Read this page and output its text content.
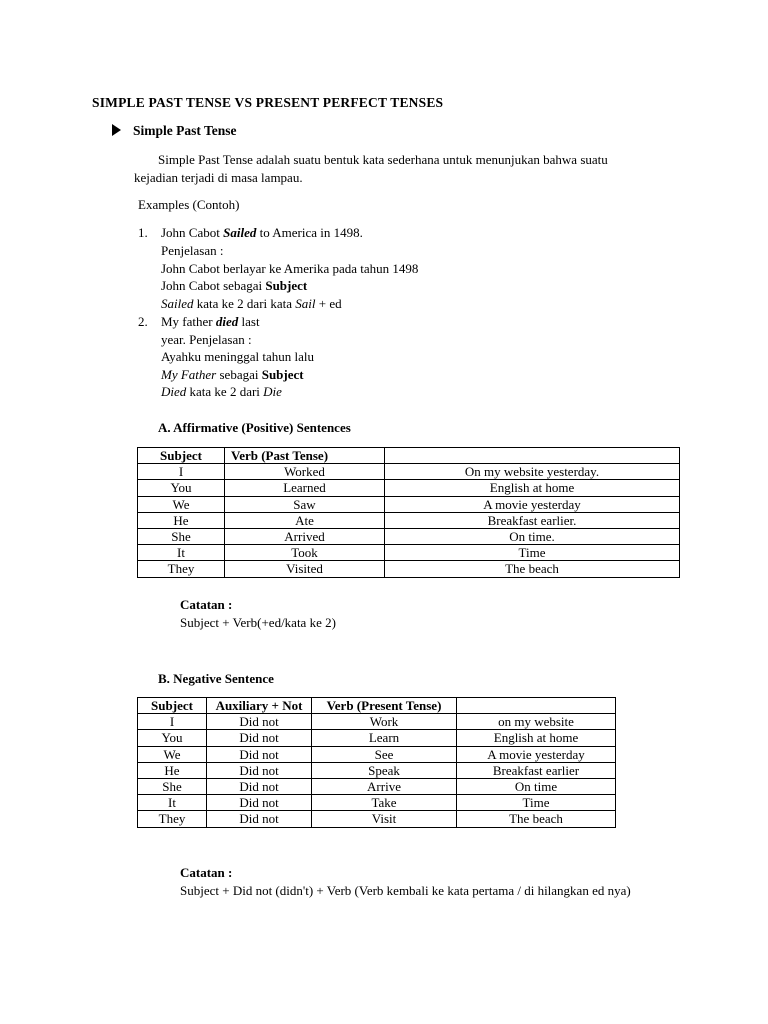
SIMPLE PAST TENSE VS PRESENT PERFECT TENSES
Simple Past Tense
Simple Past Tense adalah suatu bentuk kata sederhana untuk menunjukan bahwa suatu
kejadian terjadi di masa lampau.
Examples (Contoh)
1. John Cabot Sailed to America in 1498.
Penjelasan :
John Cabot berlayar ke Amerika pada tahun 1498
John Cabot sebagai Subject
Sailed kata ke 2 dari kata Sail + ed
2. My father died last
year. Penjelasan :
Ayahku meninggal tahun lalu
My Father sebagai Subject
Died kata ke 2 dari Die
A. Affirmative (Positive) Sentences
Subject	Verb (Past Tense)	
I	Worked	On my website yesterday.
You	Learned	English at home
We	Saw	A movie yesterday
He	Ate	Breakfast earlier.
She	Arrived	On time.
It	Took	Time
They	Visited	The beach
Catatan :
Subject + Verb(+ed/kata ke 2)
B. Negative Sentence
Subject	Auxiliary + Not	Verb (Present Tense)	
I	Did not	Work	on my website
You	Did not	Learn	English at home
We	Did not	See	A movie yesterday
He	Did not	Speak	Breakfast earlier
She	Did not	Arrive	On time
It	Did not	Take	Time
They	Did not	Visit	The beach
Catatan :
Subject + Did not (didn't) + Verb (Verb kembali ke kata pertama / di hilangkan ed nya)
